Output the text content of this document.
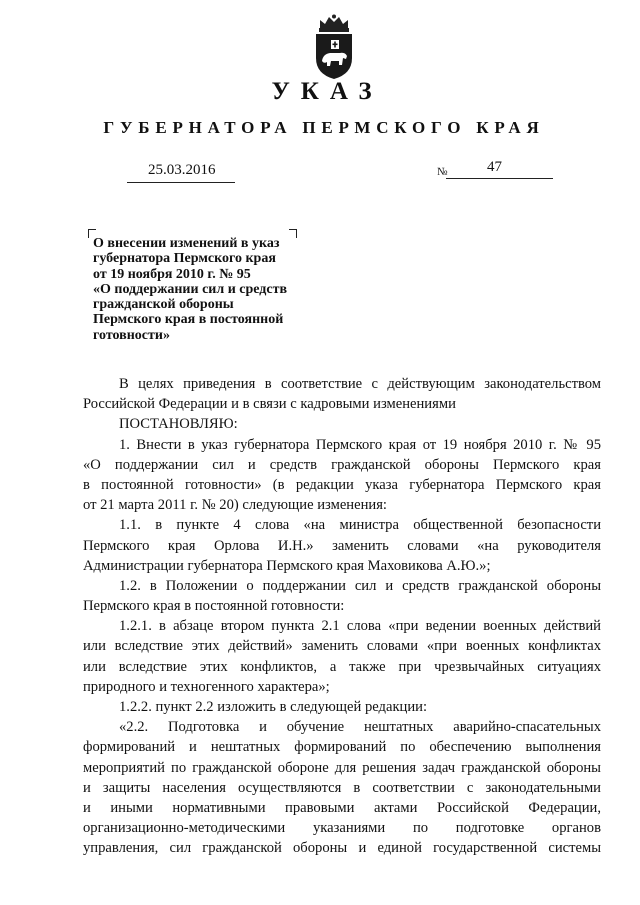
УКАЗ
ГУБЕРНАТОРА ПЕРМСКОГО КРАЯ
25.03.2016	№	47
О внесении изменений в указ
губернатора Пермского края
от 19 ноября 2010 г. № 95
«О поддержании сил и средств
гражданской обороны
Пермского края в постоянной
готовности»
В целях приведения в соответствие с действующим законодательством
Российской Федерации и в связи с кадровыми изменениями
ПОСТАНОВЛЯЮ:
1. Внести в указ губернатора Пермского края от 19 ноября 2010 г. № 95
«О поддержании сил и средств гражданской обороны Пермского края
в постоянной готовности» (в редакции указа губернатора Пермского края
от 21 марта 2011 г. № 20) следующие изменения:
1.1. в пункте 4 слова «на министра общественной безопасности
Пермского края Орлова И.Н.» заменить словами «на руководителя
Администрации губернатора Пермского края Маховикова А.Ю.»;
1.2. в Положении о поддержании сил и средств гражданской обороны
Пермского края в постоянной готовности:
1.2.1. в абзаце втором пункта 2.1 слова «при ведении военных действий
или вследствие этих действий» заменить словами «при военных конфликтах
или вследствие этих конфликтов, а также при чрезвычайных ситуациях
природного и техногенного характера»;
1.2.2. пункт 2.2 изложить в следующей редакции:
«2.2. Подготовка и обучение нештатных аварийно-спасательных
формирований и нештатных формирований по обеспечению выполнения
мероприятий по гражданской обороне для решения задач гражданской обороны
и защиты населения осуществляются в соответствии с законодательными
и иными нормативными правовыми актами Российской Федерации,
организационно-методическими указаниями по подготовке органов
управления, сил гражданской обороны и единой государственной системы
